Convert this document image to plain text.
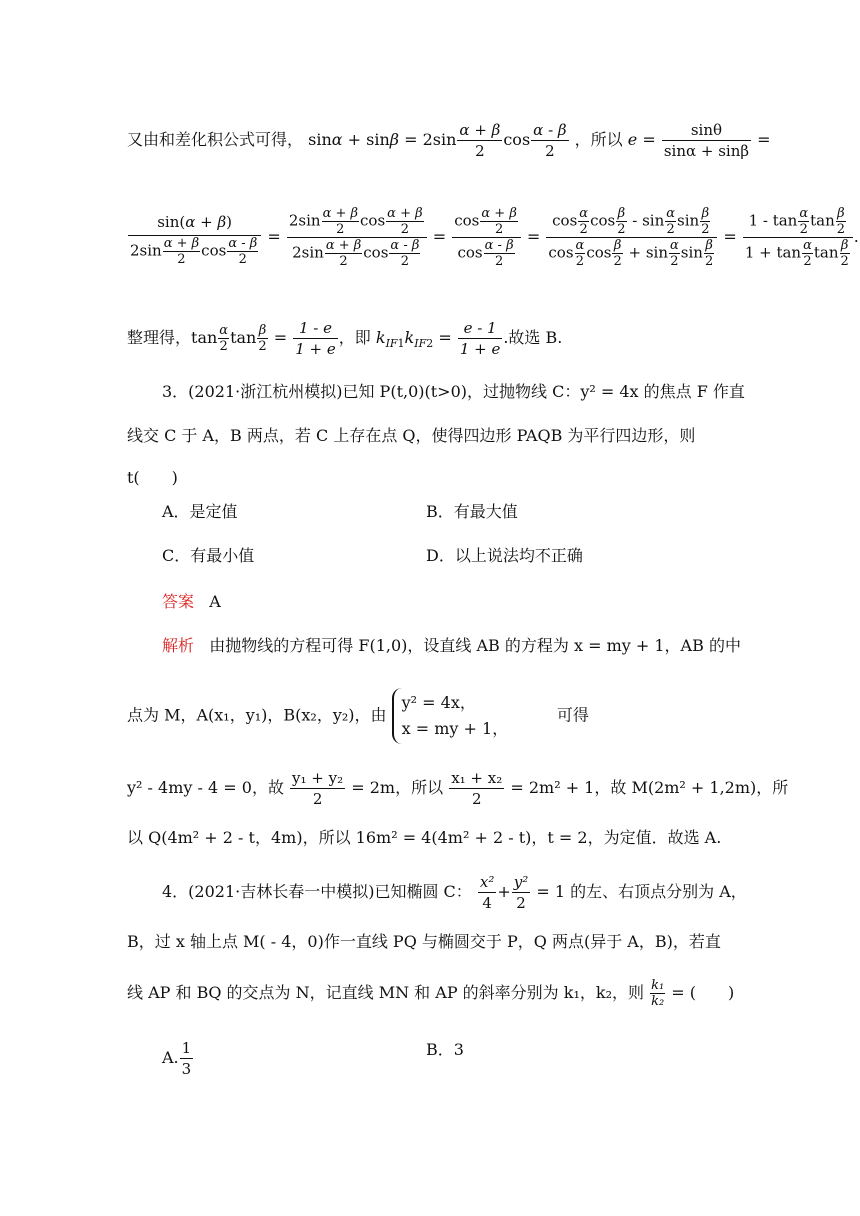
又由和差化积公式可得， $\sin\alpha + \sin\beta = 2\sin \frac{\alpha + \beta}{2}$ $\cos \frac{\alpha - \beta}{2}$ ，所以 $e = \frac{\sin\theta}{\sin\alpha + \sin\beta}$ =
$\frac{\sin(\alpha + \beta)}{2\sin \frac{\alpha + \beta}{2} \cos \frac{\alpha - \beta}{2}} = \frac{2\sin \frac{\alpha + \beta}{2} \cos \frac{\alpha + \beta}{2}}{2\sin \frac{\alpha + \beta}{2} \cos \frac{\alpha - \beta}{2}} = \frac{\cos \frac{\alpha + \beta}{2}}{\cos \frac{\alpha - \beta}{2}} = \frac{\cos \frac{\alpha}{2} \cos \frac{\beta}{2} - \sin \frac{\alpha}{2} \sin \frac{\beta}{2}}{\cos \frac{\alpha}{2} \cos \frac{\beta}{2} + \sin \frac{\alpha}{2} \sin \frac{\beta}{2}} = \frac{1 - \tan \frac{\alpha}{2} \tan \frac{\beta}{2}}{1 + \tan \frac{\alpha}{2} \tan \frac{\beta}{2}}$ .
整理得，$\tan \frac{\alpha}{2}$ $\tan \frac{\beta}{2} = \frac{1 - e}{1 + e}$ ，即 $k_{IF1}k_{IF2} = \frac{e - 1}{1 + e}$ .故选 B.
3．(2021·浙江杭州模拟)已知 P(t,0)(t>0)，过抛物线 C：y² = 4x 的焦点 F 作直
线交 C 于 A，B 两点，若 C 上存在点 Q，使得四边形 PAQB 为平行四边形，则
t(　　)
A．是定值	B．有最大值
C．有最小值	D．以上说法均不正确
答案 A
解析 由抛物线的方程可得 F(1,0)，设直线 AB 的方程为 x = my + 1，AB 的中
点为 M，A(x₁，y₁)，B(x₂，y₂)，由
y² = 4x，
x = my + 1，
可得
y² - 4my - 4 = 0，故 $\frac{\text{y₁ + y₂}}{2} = 2m$，所以 $\frac{\text{x₁ + x₂}}{2} = 2m^2 + 1$，故 M(2m² + 1,2m)，所
以 Q(4m² + 2 - t，4m)，所以 16m² = 4(4m² + 2 - t)，t = 2，为定值．故选 A.
4．(2021·吉林长春一中模拟)已知椭圆 C： $\frac{\text{x²}}{4} + \frac{\text{y²}}{2} = 1$ 的左、右顶点分别为 A，
B，过 x 轴上点 M( - 4，0)作一直线 PQ 与椭圆交于 P，Q 两点(异于 A，B)，若直
线 AP 和 BQ 的交点为 N，记直线 MN 和 AP 的斜率分别为 k₁，k₂，则 $\frac{\text{k₁}}{\text{k₂}}$ = (　　)
A. $\frac{1}{3}$	B．3
